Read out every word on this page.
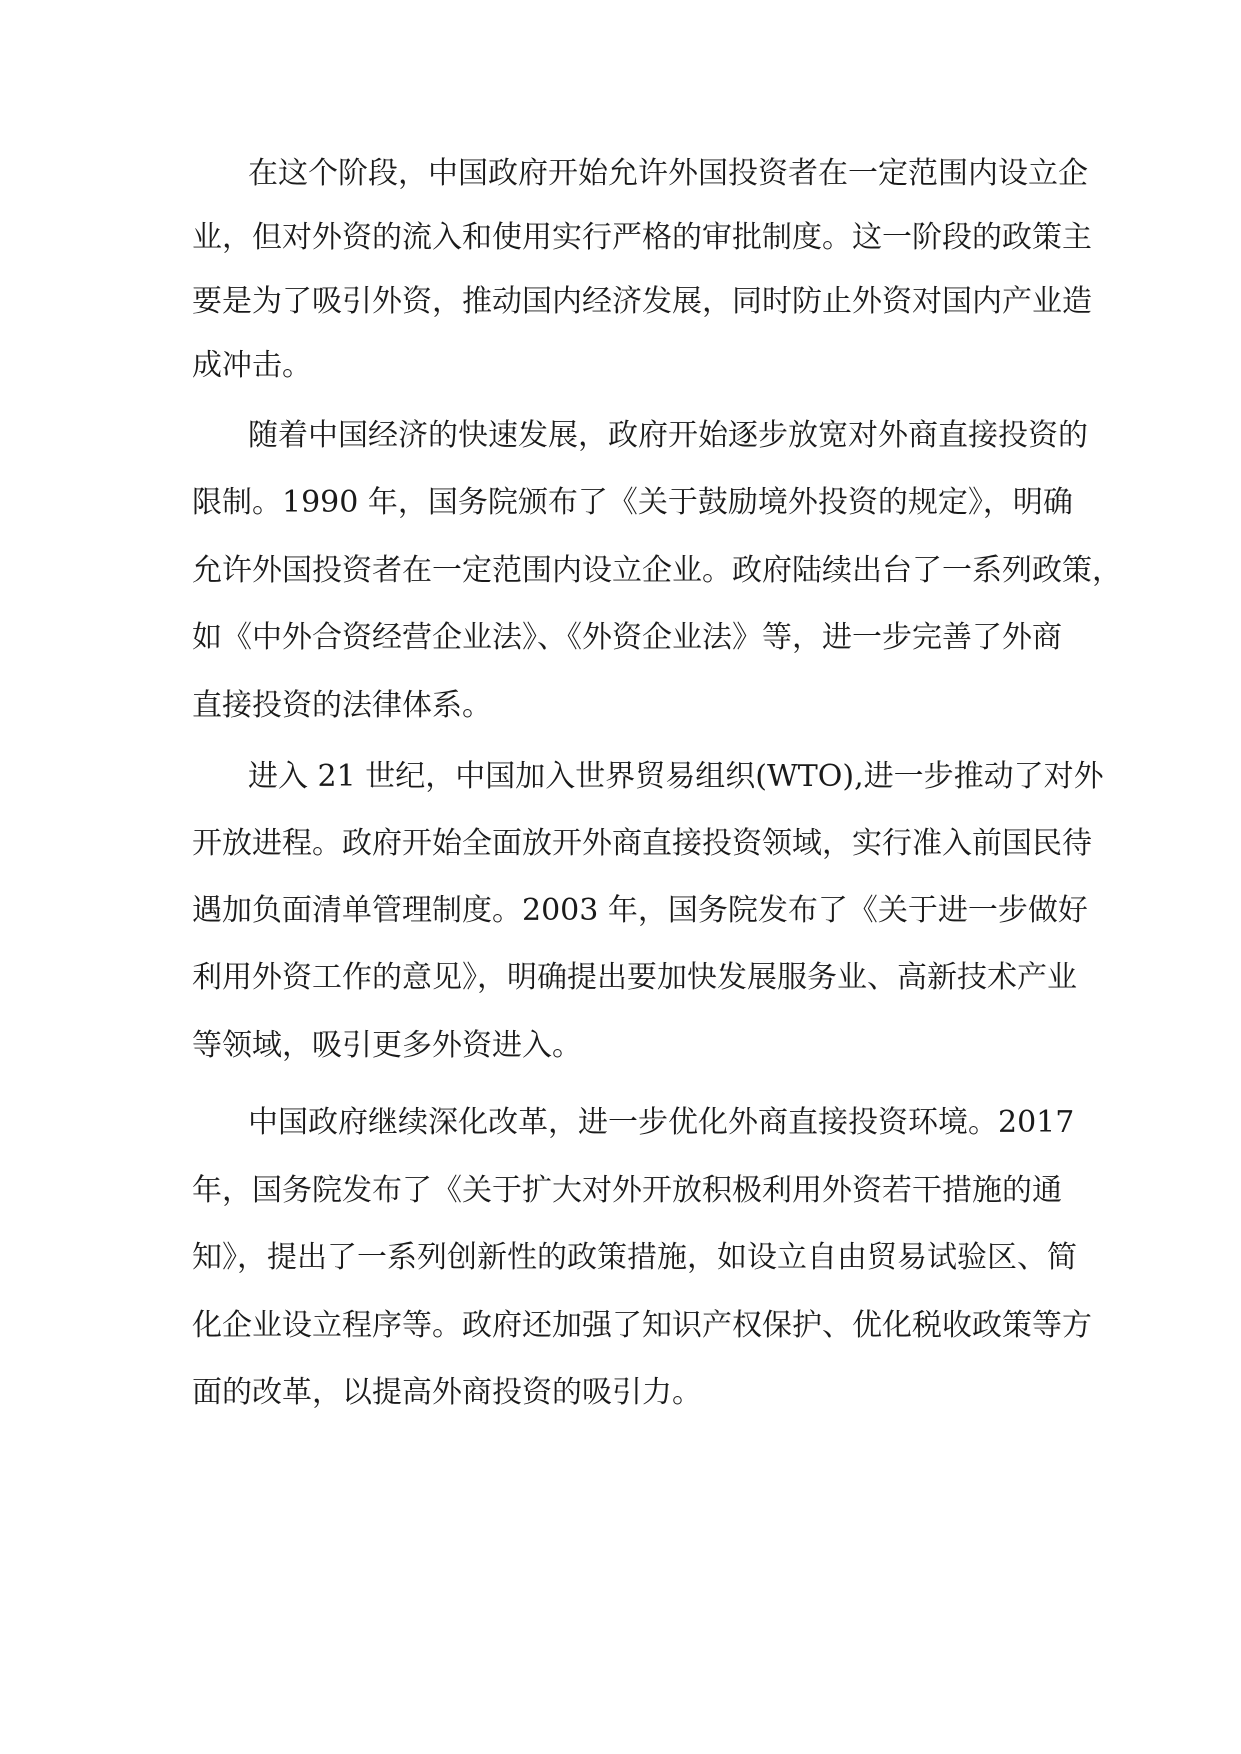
在这个阶段，中国政府开始允许外国投资者在一定范围内设立企
业，但对外资的流入和使用实行严格的审批制度。这一阶段的政策主
要是为了吸引外资，推动国内经济发展，同时防止外资对国内产业造
成冲击。
随着中国经济的快速发展，政府开始逐步放宽对外商直接投资的
限制。1990 年，国务院颁布了《关于鼓励境外投资的规定》，明确
允许外国投资者在一定范围内设立企业。政府陆续出台了一系列政策，
如《中外合资经营企业法》、《外资企业法》等，进一步完善了外商
直接投资的法律体系。
进入 21 世纪，中国加入世界贸易组织(WTO),进一步推动了对外
开放进程。政府开始全面放开外商直接投资领域，实行准入前国民待
遇加负面清单管理制度。2003 年，国务院发布了《关于进一步做好
利用外资工作的意见》，明确提出要加快发展服务业、高新技术产业
等领域，吸引更多外资进入。
中国政府继续深化改革，进一步优化外商直接投资环境。2017
年，国务院发布了《关于扩大对外开放积极利用外资若干措施的通
知》，提出了一系列创新性的政策措施，如设立自由贸易试验区、简
化企业设立程序等。政府还加强了知识产权保护、优化税收政策等方
面的改革，以提高外商投资的吸引力。
